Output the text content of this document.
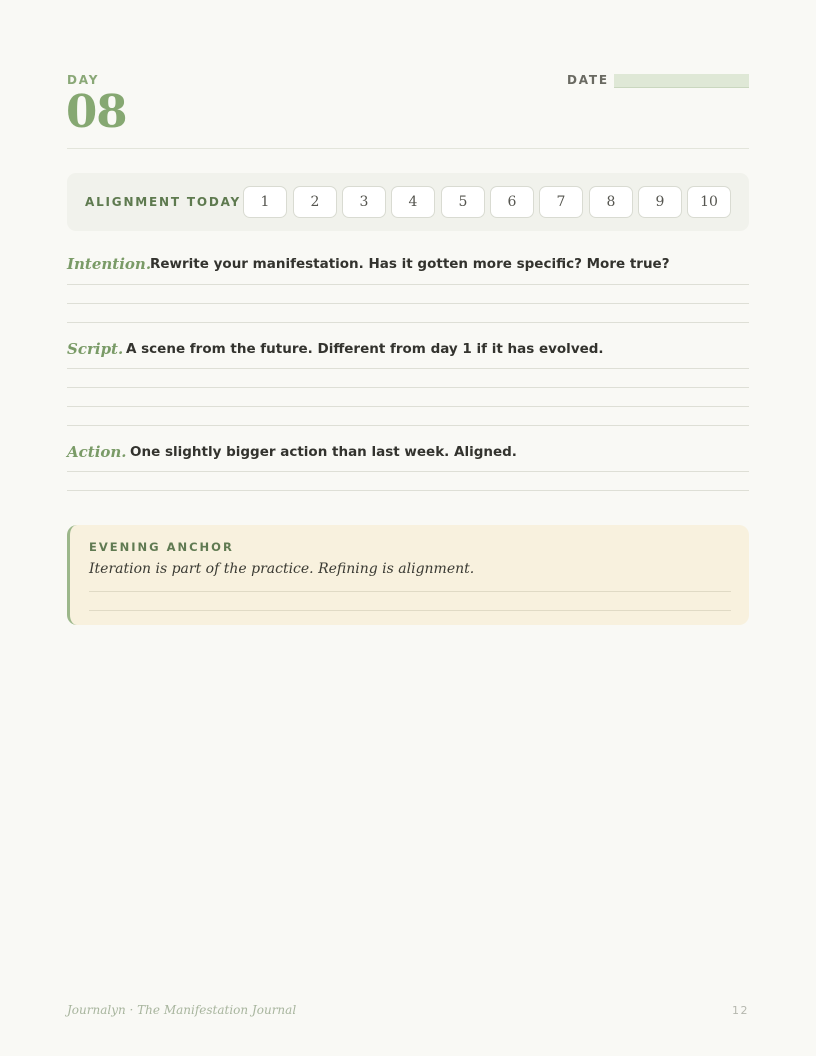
DAY
08
DATE
ALIGNMENT TODAY	1	2	3	4	5	6	7	8	9	10
Intention.
Rewrite your manifestation. Has it gotten more specific? More true?
Script. A scene from the future. Different from day 1 if it has evolved.
Action. One slightly bigger action than last week. Aligned.
EVENING ANCHOR
Iteration is part of the practice. Refining is alignment.
Journalyn · The Manifestation Journal	12
